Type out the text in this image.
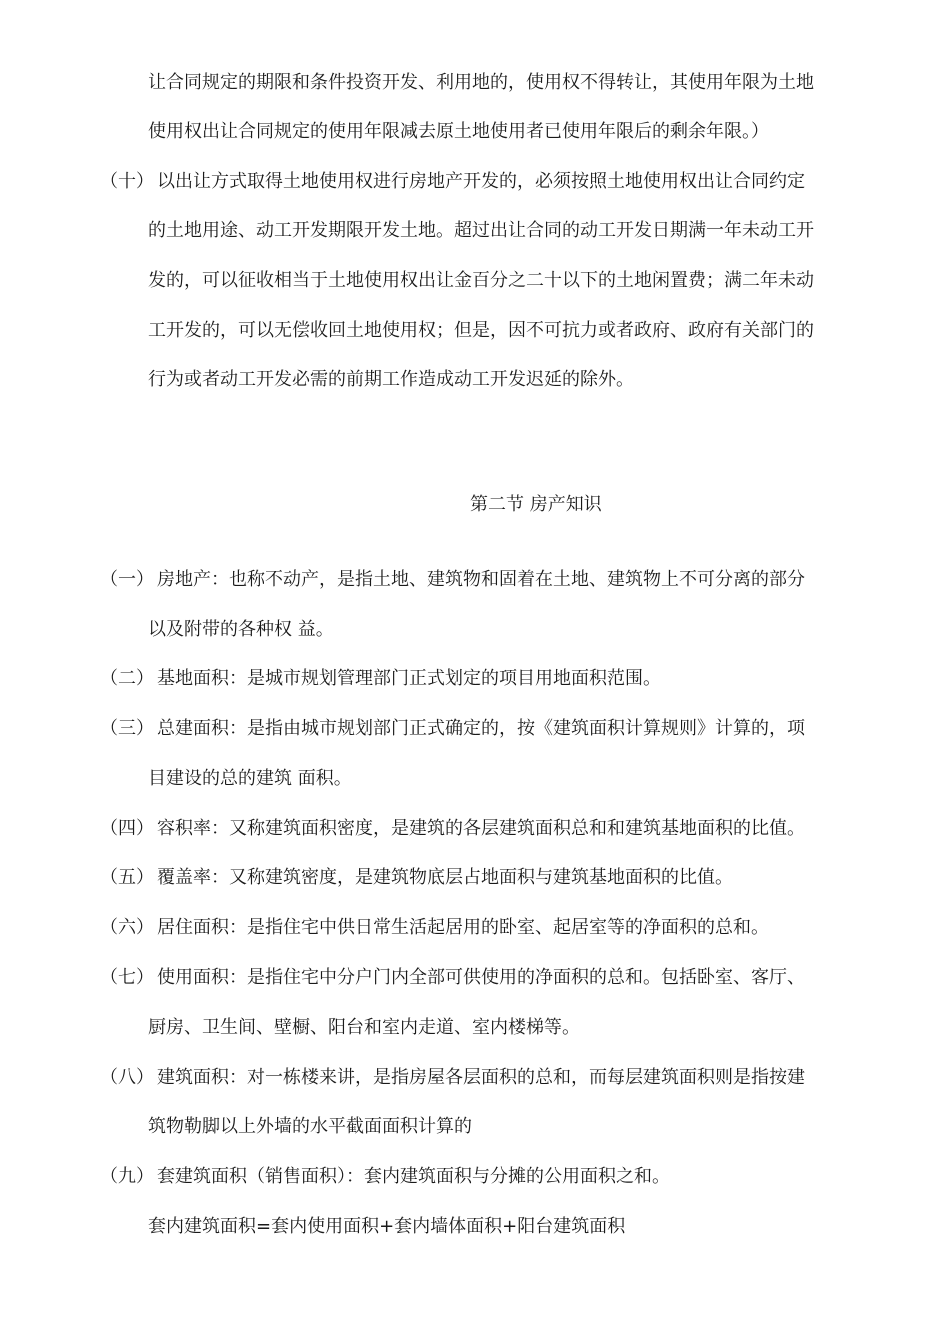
让合同规定的期限和条件投资开发、利用地的，使用权不得转让，其使用年限为土地
使用权出让合同规定的使用年限减去原土地使用者已使用年限后的剩余年限。）
（十） 以出让方式取得土地使用权进行房地产开发的，必须按照土地使用权出让合同约定
的土地用途、动工开发期限开发土地。超过出让合同的动工开发日期满一年未动工开
发的，可以征收相当于土地使用权出让金百分之二十以下的土地闲置费；满二年未动
工开发的，可以无偿收回土地使用权；但是，因不可抗力或者政府、政府有关部门的
行为或者动工开发必需的前期工作造成动工开发迟延的除外。
第二节 房产知识
（一） 房地产：也称不动产，是指土地、建筑物和固着在土地、建筑物上不可分离的部分
以及附带的各种权 益。
（二） 基地面积：是城市规划管理部门正式划定的项目用地面积范围。
（三） 总建面积：是指由城市规划部门正式确定的，按《建筑面积计算规则》计算的，项
目建设的总的建筑 面积。
（四） 容积率：又称建筑面积密度，是建筑的各层建筑面积总和和建筑基地面积的比值。
（五） 覆盖率：又称建筑密度，是建筑物底层占地面积与建筑基地面积的比值。
（六） 居住面积：是指住宅中供日常生活起居用的卧室、起居室等的净面积的总和。
（七） 使用面积：是指住宅中分户门内全部可供使用的净面积的总和。包括卧室、客厅、
厨房、卫生间、壁橱、阳台和室内走道、室内楼梯等。
（八） 建筑面积：对一栋楼来讲，是指房屋各层面积的总和，而每层建筑面积则是指按建
筑物勒脚以上外墙的水平截面面积计算的
（九） 套建筑面积（销售面积）：套内建筑面积与分摊的公用面积之和。
套内建筑面积=套内使用面积+套内墙体面积+阳台建筑面积
